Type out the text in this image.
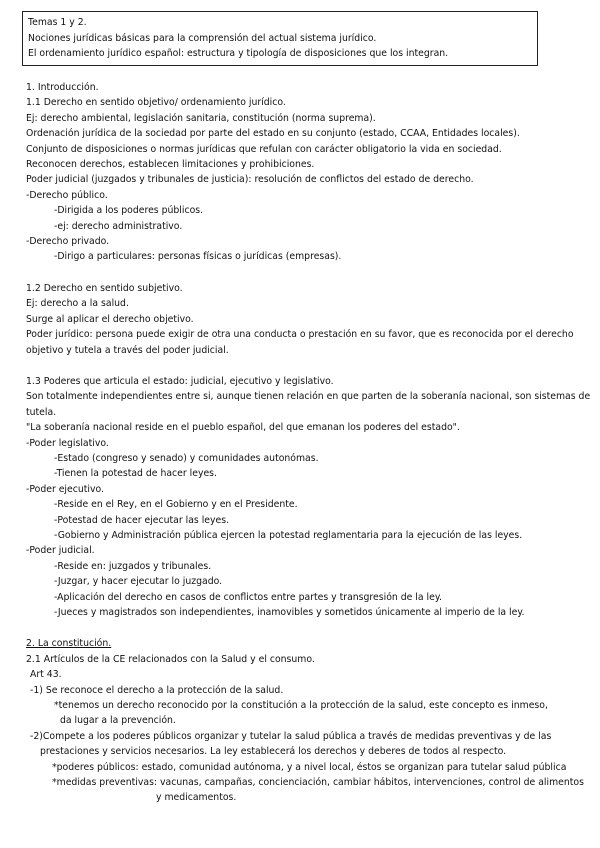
Temas 1 y 2.
Nociones jurídicas básicas para la comprensión del actual sistema jurídico.
El ordenamiento jurídico español: estructura y tipología de disposiciones que los integran.
1. Introducción.
1.1 Derecho en sentido objetivo/ ordenamiento jurídico.
Ej: derecho ambiental, legislación sanitaria, constitución (norma suprema).
Ordenación jurídica de la sociedad por parte del estado en su conjunto (estado, CCAA, Entidades locales).
Conjunto de disposiciones o normas jurídicas que refulan con carácter obligatorio la vida en sociedad.
Reconocen derechos, establecen limitaciones y prohibiciones.
Poder judicial (juzgados y tribunales de justicia): resolución de conflictos del estado de derecho.
-Derecho público.
-Dirigida a los poderes públicos.
-ej: derecho administrativo.
-Derecho privado.
-Dirigo a particulares: personas físicas o jurídicas (empresas).
1.2 Derecho en sentido subjetivo.
Ej: derecho a la salud.
Surge al aplicar el derecho objetivo.
Poder jurídico: persona puede exigir de otra una conducta o prestación en su favor, que es reconocida por el derecho
objetivo y tutela a través del poder judicial.
1.3 Poderes que articula el estado: judicial, ejecutivo y legislativo.
Son totalmente independientes entre si, aunque tienen relación en que parten de la soberanía nacional, son sistemas de
tutela.
"La soberanía nacional reside en el pueblo español, del que emanan los poderes del estado".
-Poder legislativo.
-Estado (congreso y senado) y comunidades autonómas.
-Tienen la potestad de hacer leyes.
-Poder ejecutivo.
-Reside en el Rey, en el Gobierno y en el Presidente.
-Potestad de hacer ejecutar las leyes.
-Gobierno y Administración pública ejercen la potestad reglamentaria para la ejecución de las leyes.
-Poder judicial.
-Reside en: juzgados y tribunales.
-Juzgar, y hacer ejecutar lo juzgado.
-Aplicación del derecho en casos de conflictos entre partes y transgresión de la ley.
-Jueces y magistrados son independientes, inamovibles y sometidos únicamente al imperio de la ley.
2. La constitución.
2.1 Artículos de la CE relacionados con la Salud y el consumo.
Art 43.
-1) Se reconoce el derecho a la protección de la salud.
*tenemos un derecho reconocido por la constitución a la protección de la salud, este concepto es inmeso,
da lugar a la prevención.
-2)Compete a los poderes públicos organizar y tutelar la salud pública a través de medidas preventivas y de las
prestaciones y servicios necesarios. La ley establecerá los derechos y deberes de todos al respecto.
*poderes públicos: estado, comunidad autónoma, y a nivel local, éstos se organizan para tutelar salud pública
*medidas preventivas: vacunas, campañas, concienciación, cambiar hábitos, intervenciones, control de alimentos
y medicamentos.
